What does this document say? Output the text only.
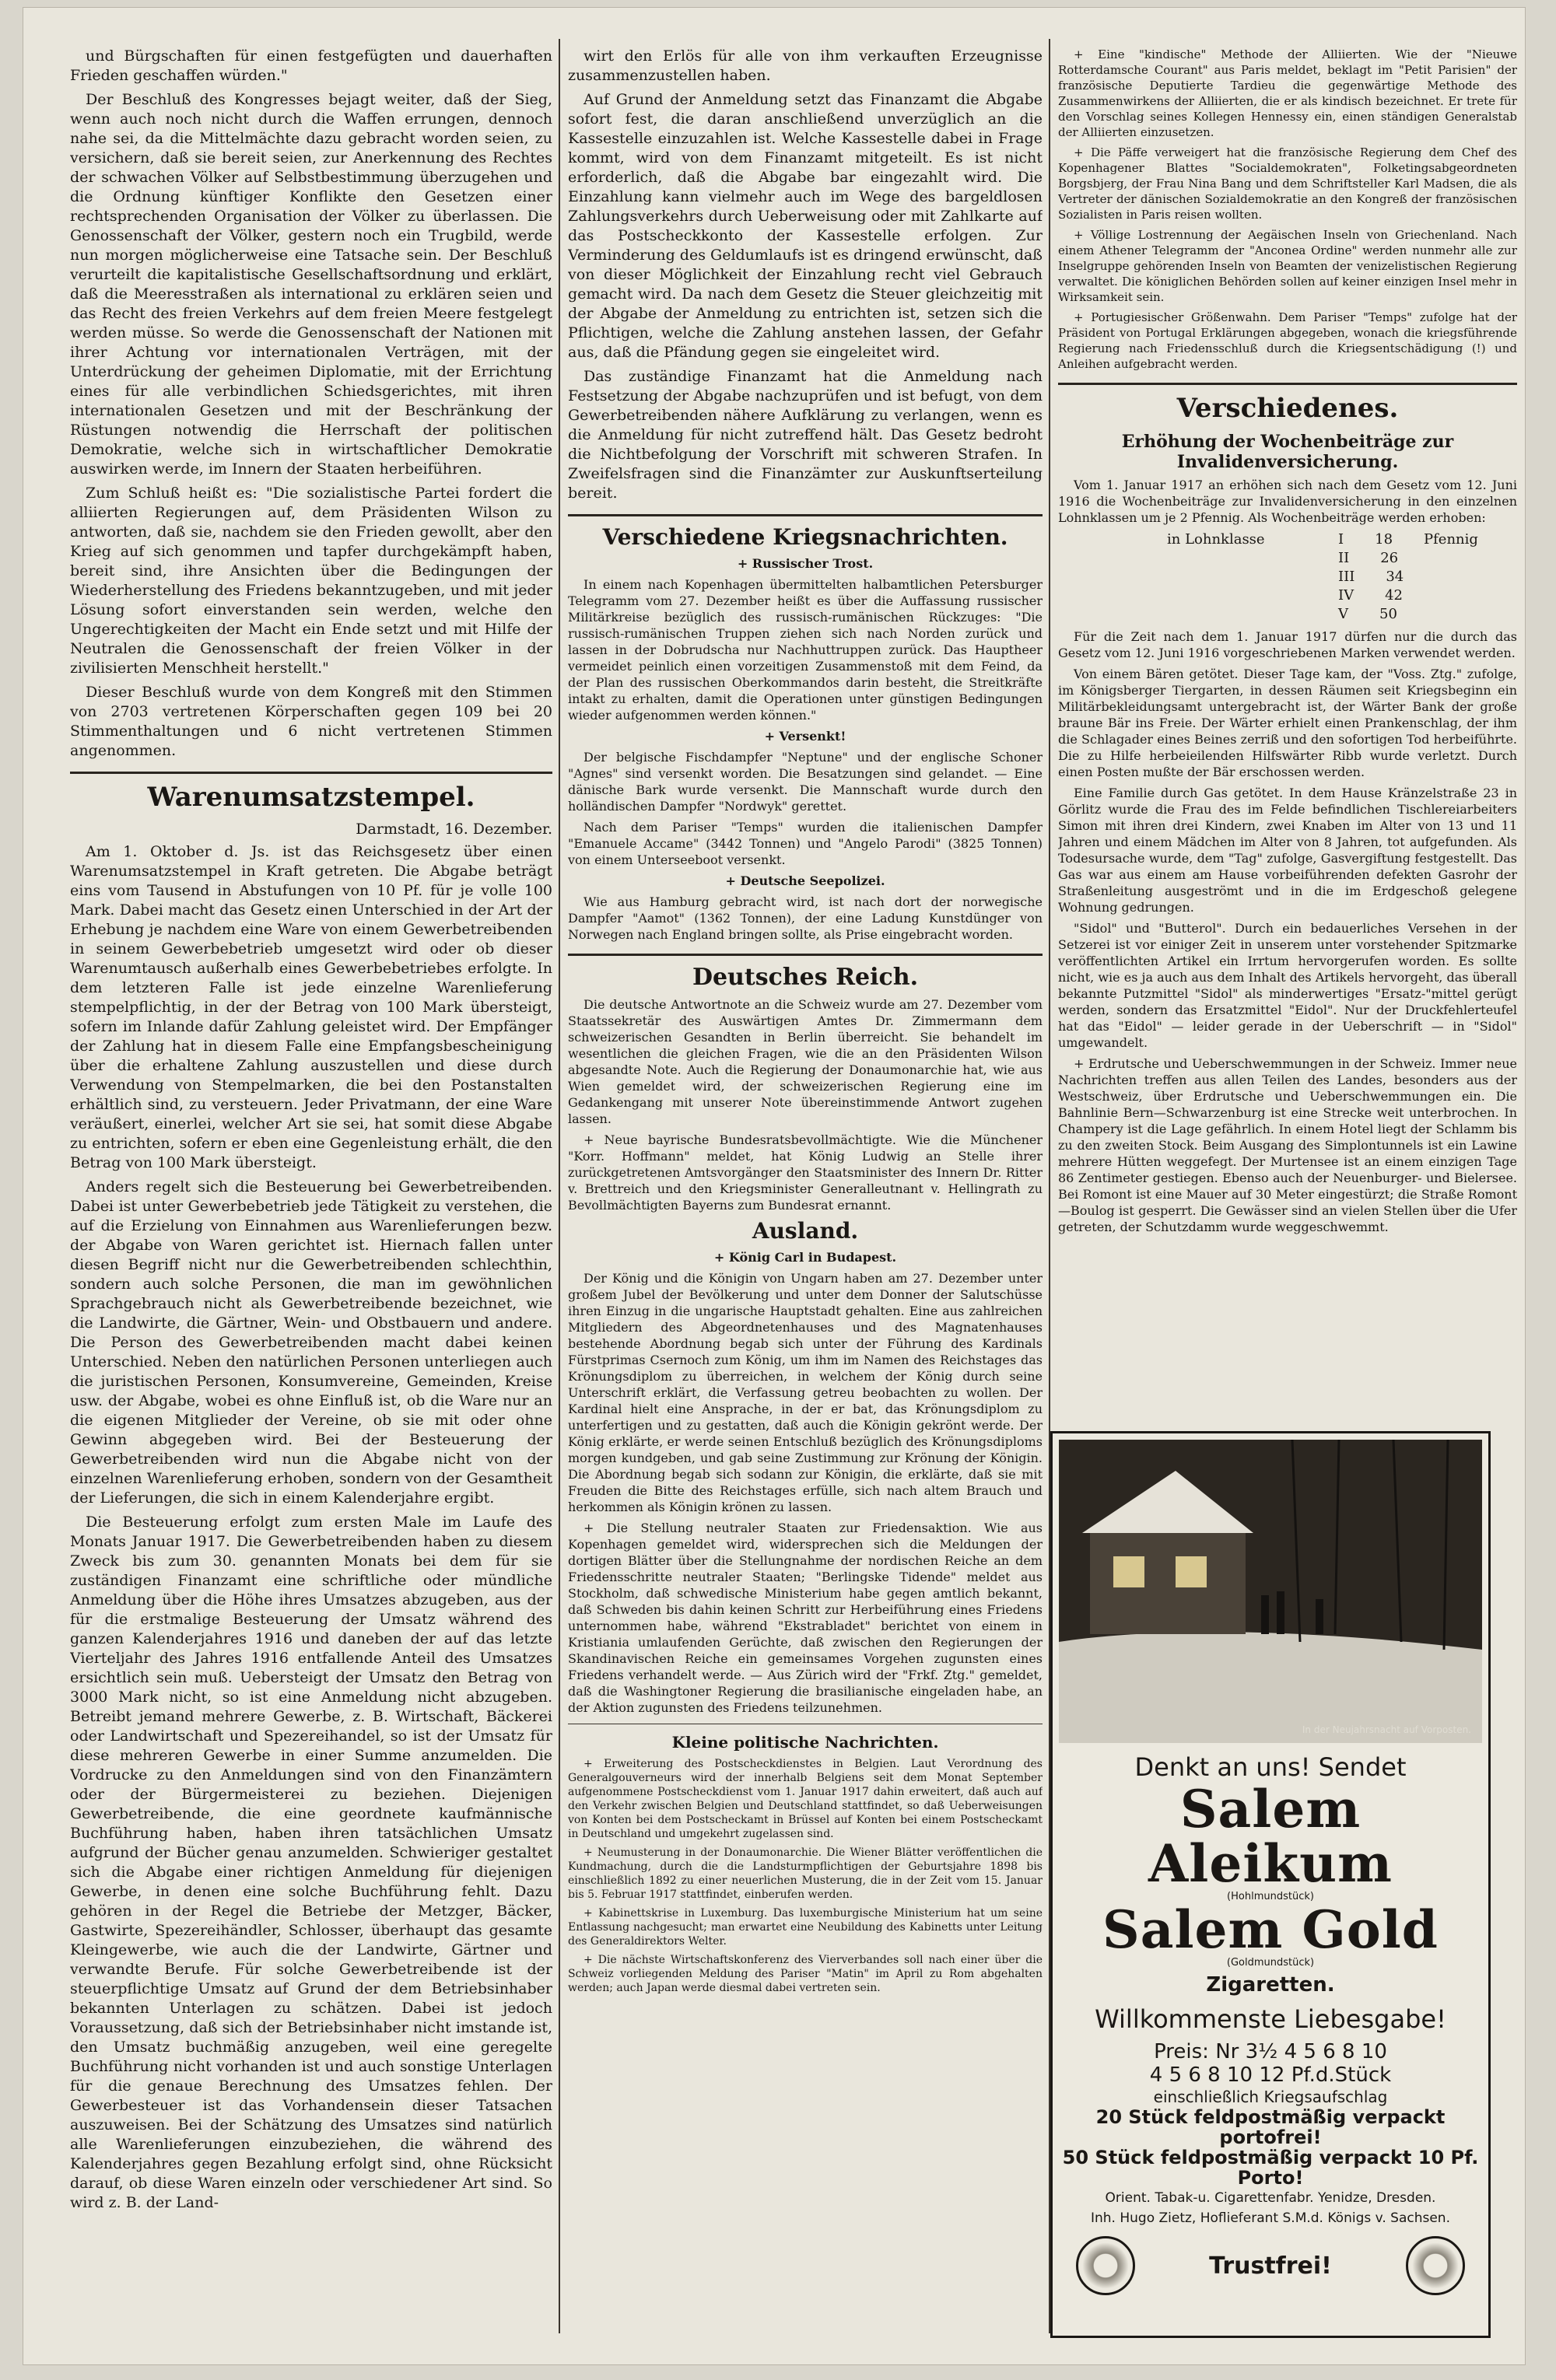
und Bürgschaften für einen festgefügten und dauerhaften Frieden geschaffen würden."

Der Beschluß des Kongresses bejagt weiter, daß der Sieg, wenn auch noch nicht durch die Waffen errungen, dennoch nahe sei, da die Mittelmächte dazu gebracht worden seien, zu versichern, daß sie bereit seien, zur Anerkennung des Rechtes der schwachen Völker auf Selbstbestimmung überzugehen und die Ordnung künftiger Konflikte den Gesetzen einer rechtsprechenden Organisation der Völker zu überlassen. Die Genossenschaft der Völker, gestern noch ein Trugbild, werde nun morgen möglicherweise eine Tatsache sein. Der Beschluß verurteilt die kapitalistische Gesellschaftsordnung und erklärt, daß die Meeresstraßen als international zu erklären seien und das Recht des freien Verkehrs auf dem freien Meere festgelegt werden müsse. So werde die Genossenschaft der Nationen mit ihrer Achtung vor internationalen Verträgen, mit der Unterdrückung der geheimen Diplomatie, mit der Errichtung eines für alle verbindlichen Schiedsgerichtes, mit ihren internationalen Gesetzen und mit der Beschränkung der Rüstungen notwendig die Herrschaft der politischen Demokratie, welche sich in wirtschaftlicher Demokratie auswirken werde, im Innern der Staaten herbeiführen.

Zum Schluß heißt es: "Die sozialistische Partei fordert die alliierten Regierungen auf, dem Präsidenten Wilson zu antworten, daß sie, nachdem sie den Frieden gewollt, aber den Krieg auf sich genommen und tapfer durchgekämpft haben, bereit sind, ihre Ansichten über die Bedingungen der Wiederherstellung des Friedens bekanntzugeben, und mit jeder Lösung sofort einverstanden sein werden, welche den Ungerechtigkeiten der Macht ein Ende setzt und mit Hilfe der Neutralen die Genossenschaft der freien Völker in der zivilisierten Menschheit herstellt."

Dieser Beschluß wurde von dem Kongreß mit den Stimmen von 2703 vertretenen Körperschaften gegen 109 bei 20 Stimmenthaltungen und 6 nicht vertretenen Stimmen angenommen.

Warenumsatzstempel.
Darmstadt, 16. Dezember.

Am 1. Oktober d. Js. ist das Reichsgesetz über einen Warenumsatzstempel in Kraft getreten. Die Abgabe beträgt eins vom Tausend in Abstufungen von 10 Pf. für je volle 100 Mark. Dabei macht das Gesetz einen Unterschied in der Art der Erhebung je nachdem eine Ware von einem Gewerbetreibenden in seinem Gewerbebetrieb umgesetzt wird oder ob dieser Warenumtausch außerhalb eines Gewerbebetriebes erfolgte. In dem letzteren Falle ist jede einzelne Warenlieferung stempelpflichtig, in der der Betrag von 100 Mark übersteigt, sofern im Inlande dafür Zahlung geleistet wird. Der Empfänger der Zahlung hat in diesem Falle eine Empfangsbescheinigung über die erhaltene Zahlung auszustellen und diese durch Verwendung von Stempelmarken, die bei den Postanstalten erhältlich sind, zu versteuern. Jeder Privatmann, der eine Ware veräußert, einerlei, welcher Art sie sei, hat somit diese Abgabe zu entrichten, sofern er eben eine Gegenleistung erhält, die den Betrag von 100 Mark übersteigt.

Anders regelt sich die Besteuerung bei Gewerbetreibenden. Dabei ist unter Gewerbebetrieb jede Tätigkeit zu verstehen, die auf die Erzielung von Einnahmen aus Warenlieferungen bezw. der Abgabe von Waren gerichtet ist. Hiernach fallen unter diesen Begriff nicht nur die Gewerbetreibenden schlechthin, sondern auch solche Personen, die man im gewöhnlichen Sprachgebrauch nicht als Gewerbetreibende bezeichnet, wie die Landwirte, die Gärtner, Wein- und Obstbauern und andere. Die Person des Gewerbetreibenden macht dabei keinen Unterschied. Neben den natürlichen Personen unterliegen auch die juristischen Personen, Konsumvereine, Gemeinden, Kreise usw. der Abgabe, wobei es ohne Einfluß ist, ob die Ware nur an die eigenen Mitglieder der Vereine, ob sie mit oder ohne Gewinn abgegeben wird. Bei der Besteuerung der Gewerbetreibenden wird nun die Abgabe nicht von der einzelnen Warenlieferung erhoben, sondern von der Gesamtheit der Lieferungen, die sich in einem Kalenderjahre ergibt.

Die Besteuerung erfolgt zum ersten Male im Laufe des Monats Januar 1917. Die Gewerbetreibenden haben zu diesem Zweck bis zum 30. genannten Monats bei dem für sie zuständigen Finanzamt eine schriftliche oder mündliche Anmeldung über die Höhe ihres Umsatzes abzugeben, aus der für die erstmalige Besteuerung der Umsatz während des ganzen Kalenderjahres 1916 und daneben der auf das letzte Vierteljahr des Jahres 1916 entfallende Anteil des Umsatzes ersichtlich sein muß. Uebersteigt der Umsatz den Betrag von 3000 Mark nicht, so ist eine Anmeldung nicht abzugeben. Betreibt jemand mehrere Gewerbe, z. B. Wirtschaft, Bäckerei oder Landwirtschaft und Spezereihandel, so ist der Umsatz für diese mehreren Gewerbe in einer Summe anzumelden. Die Vordrucke zu den Anmeldungen sind von den Finanzämtern oder der Bürgermeisterei zu beziehen. Diejenigen Gewerbetreibende, die eine geordnete kaufmännische Buchführung haben, haben ihren tatsächlichen Umsatz aufgrund der Bücher genau anzumelden. Schwieriger gestaltet sich die Abgabe einer richtigen Anmeldung für diejenigen Gewerbe, in denen eine solche Buchführung fehlt. Dazu gehören in der Regel die Betriebe der Metzger, Bäcker, Gastwirte, Spezereihändler, Schlosser, überhaupt das gesamte Kleingewerbe, wie auch die der Landwirte, Gärtner und verwandte Berufe. Für solche Gewerbetreibende ist der steuerpflichtige Umsatz auf Grund der dem Betriebsinhaber bekannten Unterlagen zu schätzen. Dabei ist jedoch Voraussetzung, daß sich der Betriebsinhaber nicht imstande ist, den Umsatz buchmäßig anzugeben, weil eine geregelte Buchführung nicht vorhanden ist und auch sonstige Unterlagen für die genaue Berechnung des Umsatzes fehlen. Der Gewerbesteuer ist das Vorhandensein dieser Tatsachen auszuweisen. Bei der Schätzung des Umsatzes sind natürlich alle Warenlieferungen einzubeziehen, die während des Kalenderjahres gegen Bezahlung erfolgt sind, ohne Rücksicht darauf, ob diese Waren einzeln oder verschiedener Art sind. So wird z. B. der Land-

wirt den Erlös für alle von ihm verkauften Erzeugnisse zusammenzustellen haben.

Auf Grund der Anmeldung setzt das Finanzamt die Abgabe sofort fest, die daran anschließend unverzüglich an die Kassestelle einzuzahlen ist. Welche Kassestelle dabei in Frage kommt, wird von dem Finanzamt mitgeteilt. Es ist nicht erforderlich, daß die Abgabe bar eingezahlt wird. Die Einzahlung kann vielmehr auch im Wege des bargeldlosen Zahlungsverkehrs durch Ueberweisung oder mit Zahlkarte auf das Postscheckkonto der Kassestelle erfolgen. Zur Verminderung des Geldumlaufs ist es dringend erwünscht, daß von dieser Möglichkeit der Einzahlung recht viel Gebrauch gemacht wird. Da nach dem Gesetz die Steuer gleichzeitig mit der Abgabe der Anmeldung zu entrichten ist, setzen sich die Pflichtigen, welche die Zahlung anstehen lassen, der Gefahr aus, daß die Pfändung gegen sie eingeleitet wird.

Das zuständige Finanzamt hat die Anmeldung nach Festsetzung der Abgabe nachzuprüfen und ist befugt, von dem Gewerbetreibenden nähere Aufklärung zu verlangen, wenn es die Anmeldung für nicht zutreffend hält. Das Gesetz bedroht die Nichtbefolgung der Vorschrift mit schweren Strafen. In Zweifelsfragen sind die Finanzämter zur Auskunftserteilung bereit.

Verschiedene Kriegsnachrichten.

+ Russischer Trost.

In einem nach Kopenhagen übermittelten halbamtlichen Petersburger Telegramm vom 27. Dezember heißt es über die Auffassung russischer Militärkreise bezüglich des russisch-rumänischen Rückzuges: "Die russisch-rumänischen Truppen ziehen sich nach Norden zurück und lassen in der Dobrudscha nur Nachhuttruppen zurück. Das Hauptheer vermeidet peinlich einen vorzeitigen Zusammenstoß mit dem Feind, da der Plan des russischen Oberkommandos darin besteht, die Streitkräfte intakt zu erhalten, damit die Operationen unter günstigen Bedingungen wieder aufgenommen werden können."

+ Versenkt!

Der belgische Fischdampfer "Neptune" und der englische Schoner "Agnes" sind versenkt worden. Die Besatzungen sind gelandet. — Eine dänische Bark wurde versenkt. Die Mannschaft wurde durch den holländischen Dampfer "Nordwyk" gerettet.

Nach dem Pariser "Temps" wurden die italienischen Dampfer "Emanuele Accame" (3442 Tonnen) und "Angelo Parodi" (3825 Tonnen) von einem Unterseeboot versenkt.

+ Deutsche Seepolizei.

Wie aus Hamburg gebracht wird, ist nach dort der norwegische Dampfer "Aamot" (1362 Tonnen), der eine Ladung Kunstdünger von Norwegen nach England bringen sollte, als Prise eingebracht worden.

Deutsches Reich.

Die deutsche Antwortnote an die Schweiz wurde am 27. Dezember vom Staatssekretär des Auswärtigen Amtes Dr. Zimmermann dem schweizerischen Gesandten in Berlin überreicht. Sie behandelt im wesentlichen die gleichen Fragen, wie die an den Präsidenten Wilson abgesandte Note. Auch die Regierung der Donaumonarchie hat, wie aus Wien gemeldet wird, der schweizerischen Regierung eine im Gedankengang mit unserer Note übereinstimmende Antwort zugehen lassen.

+ Neue bayrische Bundesratsbevollmächtigte. Wie die Münchener "Korr. Hoffmann" meldet, hat König Ludwig an Stelle ihrer zurückgetretenen Amtsvorgänger den Staatsminister des Innern Dr. Ritter v. Brettreich und den Kriegsminister Generalleutnant v. Hellingrath zu Bevollmächtigten Bayerns zum Bundesrat ernannt.

Ausland.

+ König Carl in Budapest.

Der König und die Königin von Ungarn haben am 27. Dezember unter großem Jubel der Bevölkerung und unter dem Donner der Salutschüsse ihren Einzug in die ungarische Hauptstadt gehalten. Eine aus zahlreichen Mitgliedern des Abgeordnetenhauses und des Magnatenhauses bestehende Abordnung begab sich unter der Führung des Kardinals Fürstprimas Csernoch zum König, um ihm im Namen des Reichstages das Krönungsdiplom zu überreichen, in welchem der König durch seine Unterschrift erklärt, die Verfassung getreu beobachten zu wollen. Der Kardinal hielt eine Ansprache, in der er bat, das Krönungsdiplom zu unterfertigen und zu gestatten, daß auch die Königin gekrönt werde. Der König erklärte, er werde seinen Entschluß bezüglich des Krönungsdiploms morgen kundgeben, und gab seine Zustimmung zur Krönung der Königin. Die Abordnung begab sich sodann zur Königin, die erklärte, daß sie mit Freuden die Bitte des Reichstages erfülle, sich nach altem Brauch und herkommen als Königin krönen zu lassen.

+ Die Stellung neutraler Staaten zur Friedensaktion. Wie aus Kopenhagen gemeldet wird, widersprechen sich die Meldungen der dortigen Blätter über die Stellungnahme der nordischen Reiche an dem Friedensschritte neutraler Staaten; "Berlingske Tidende" meldet aus Stockholm, daß schwedische Ministerium habe gegen amtlich bekannt, daß Schweden bis dahin keinen Schritt zur Herbeiführung eines Friedens unternommen habe, während "Ekstrabladet" berichtet von einem in Kristiania umlaufenden Gerüchte, daß zwischen den Regierungen der Skandinavischen Reiche ein gemeinsames Vorgehen zugunsten eines Friedens verhandelt werde. — Aus Zürich wird der "Frkf. Ztg." gemeldet, daß die Washingtoner Regierung die brasilianische eingeladen habe, an der Aktion zugunsten des Friedens teilzunehmen.

Kleine politische Nachrichten.

+ Erweiterung des Postscheckdienstes in Belgien. Laut Verordnung des Generalgouverneurs wird der innerhalb Belgiens seit dem Monat September aufgenommene Postscheckdienst vom 1. Januar 1917 dahin erweitert, daß auch auf den Verkehr zwischen Belgien und Deutschland stattfindet, so daß Ueberweisungen von Konten bei dem Postscheckamt in Brüssel auf Konten bei einem Postscheckamt in Deutschland und umgekehrt zugelassen sind.

+ Neumusterung in der Donaumonarchie. Die Wiener Blätter veröffentlichen die Kundmachung, durch die die Landsturmpflichtigen der Geburtsjahre 1898 bis einschließlich 1892 zu einer neuerlichen Musterung, die in der Zeit vom 15. Januar bis 5. Februar 1917 stattfindet, einberufen werden.

+ Kabinettskrise in Luxemburg. Das luxemburgische Ministerium hat um seine Entlassung nachgesucht; man erwartet eine Neubildung des Kabinetts unter Leitung des Generaldirektors Welter.

+ Die nächste Wirtschaftskonferenz des Vierverbandes soll nach einer über die Schweiz vorliegenden Meldung des Pariser "Matin" im April zu Rom abgehalten werden; auch Japan werde diesmal dabei vertreten sein.

+ Eine "kindische" Methode der Alliierten. Wie der "Nieuwe Rotterdamsche Courant" aus Paris meldet, beklagt im "Petit Parisien" der französische Deputierte Tardieu die gegenwärtige Methode des Zusammenwirkens der Alliierten, die er als kindisch bezeichnet. Er trete für den Vorschlag seines Kollegen Hennessy ein, einen ständigen Generalstab der Alliierten einzusetzen.

+ Die Päffe verweigert hat die französische Regierung dem Chef des Kopenhagener Blattes "Socialdemokraten", Folketingsabgeordneten Borgsbjerg, der Frau Nina Bang und dem Schriftsteller Karl Madsen, die als Vertreter der dänischen Sozialdemokratie an den Kongreß der französischen Sozialisten in Paris reisen wollten.

+ Völlige Lostrennung der Aegäischen Inseln von Griechenland. Nach einem Athener Telegramm der "Anconea Ordine" werden nunmehr alle zur Inselgruppe gehörenden Inseln von Beamten der venizelistischen Regierung verwaltet. Die königlichen Behörden sollen auf keiner einzigen Insel mehr in Wirksamkeit sein.

+ Portugiesischer Größenwahn. Dem Pariser "Temps" zufolge hat der Präsident von Portugal Erklärungen abgegeben, wonach die kriegsführende Regierung nach Friedensschluß durch die Kriegsentschädigung (!) und Anleihen aufgebracht werden.

Verschiedenes.
Erhöhung der Wochenbeiträge zur Invalidenversicherung.

Vom 1. Januar 1917 an erhöhen sich nach dem Gesetz vom 12. Juni 1916 die Wochenbeiträge zur Invalidenversicherung in den einzelnen Lohnklassen um je 2 Pfennig. Als Wochenbeiträge werden erhoben:

in Lohnklasse	I 18 Pfennig
II 26
III 34
IV 42
V 50

Für die Zeit nach dem 1. Januar 1917 dürfen nur die durch das Gesetz vom 12. Juni 1916 vorgeschriebenen Marken verwendet werden.

Von einem Bären getötet. Dieser Tage kam, der "Voss. Ztg." zufolge, im Königsberger Tiergarten, in dessen Räumen seit Kriegsbeginn ein Militärbekleidungsamt untergebracht ist, der Wärter Bank der große braune Bär ins Freie. Der Wärter erhielt einen Prankenschlag, der ihm die Schlagader eines Beines zerriß und den sofortigen Tod herbeiführte. Die zu Hilfe herbeieilenden Hilfswärter Ribb wurde verletzt. Durch einen Posten mußte der Bär erschossen werden.

Eine Familie durch Gas getötet. In dem Hause Kränzelstraße 23 in Görlitz wurde die Frau des im Felde befindlichen Tischlereiarbeiters Simon mit ihren drei Kindern, zwei Knaben im Alter von 13 und 11 Jahren und einem Mädchen im Alter von 8 Jahren, tot aufgefunden. Als Todesursache wurde, dem "Tag" zufolge, Gasvergiftung festgestellt. Das Gas war aus einem am Hause vorbeiführenden defekten Gasrohr der Straßenleitung ausgeströmt und in die im Erdgeschoß gelegene Wohnung gedrungen.

"Sidol" und "Butterol". Durch ein bedauerliches Versehen in der Setzerei ist vor einiger Zeit in unserem unter vorstehender Spitzmarke veröffentlichten Artikel ein Irrtum hervorgerufen worden. Es sollte nicht, wie es ja auch aus dem Inhalt des Artikels hervorgeht, das überall bekannte Putzmittel "Sidol" als minderwertiges "Ersatz-"mittel gerügt werden, sondern das Ersatzmittel "Eidol". Nur der Druckfehlerteufel hat das "Eidol" — leider gerade in der Ueberschrift — in "Sidol" umgewandelt.

+ Erdrutsche und Ueberschwemmungen in der Schweiz. Immer neue Nachrichten treffen aus allen Teilen des Landes, besonders aus der Westschweiz, über Erdrutsche und Ueberschwemmungen ein. Die Bahnlinie Bern—Schwarzenburg ist eine Strecke weit unterbrochen. In Champery ist die Lage gefährlich. In einem Hotel liegt der Schlamm bis zu den zweiten Stock. Beim Ausgang des Simplontunnels ist ein Lawine mehrere Hütten weggefegt. Der Murtensee ist an einem einzigen Tage 86 Zentimeter gestiegen. Ebenso auch der Neuenburger- und Bielersee. Bei Romont ist eine Mauer auf 30 Meter eingestürzt; die Straße Romont—Boulog ist gesperrt. Die Gewässer sind an vielen Stellen über die Ufer getreten, der Schutzdamm wurde weggeschwemmt.

In der Neujahrsnacht auf Vorposten.
Denkt an uns! Sendet
Salem Aleikum
(Hohlmundstück)
Salem Gold
(Goldmundstück)
Zigaretten.
Willkommenste Liebesgabe!
Preis: Nr 3½ 4 5 6 8 10
4 5 6 8 10 12 Pf.d.Stück
einschließlich Kriegsaufschlag
20 Stück feldpostmäßig verpackt portofrei!
50 Stück feldpostmäßig verpackt 10 Pf. Porto!
Orient. Tabak-u. Cigarettenfabr. Yenidze, Dresden.
Inh. Hugo Zietz, Hoflieferant S.M.d. Königs v. Sachsen.
Trustfrei!
